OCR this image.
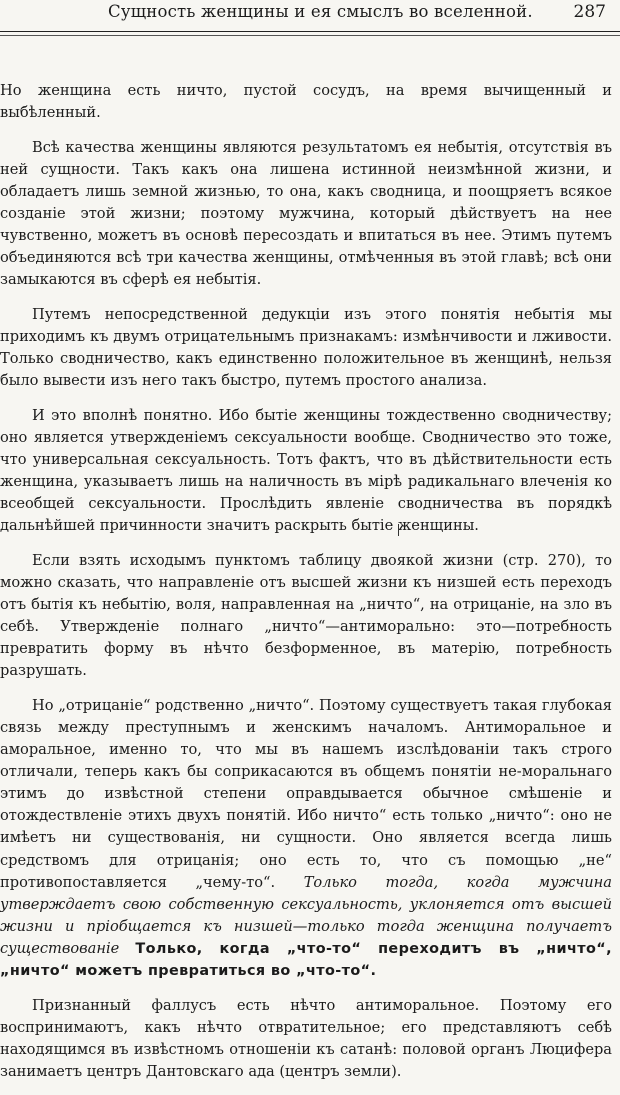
Сущность женщины и ея смыслъ во вселенной. 287

Но женщина есть ничто, пустой сосудъ, на время вычищенный и выбѣленный.

Всѣ качества женщины являются результатомъ ея небытія, отсутствія въ ней сущности. Такъ какъ она лишена истинной неизмѣнной жизни, и обладаетъ лишь земной жизнью, то она, какъ сводница, и поощряетъ всякое созданіе этой жизни; поэтому мужчина, который дѣйствуетъ на нее чувственно, можетъ въ основѣ пересоздать и впитаться въ нее. Этимъ путемъ объединяются всѣ три качества женщины, отмѣченныя въ этой главѣ; всѣ они замыкаются въ сферѣ ея небытія.

Путемъ непосредственной дедукціи изъ этого понятія небытія мы приходимъ къ двумъ отрицательнымъ признакамъ: измѣнчивости и лживости. Только сводничество, какъ единственно положительное въ женщинѣ, нельзя было вывести изъ него такъ быстро, путемъ простого анализа.

И это вполнѣ понятно. Ибо бытіе женщины тождественно сводничеству; оно является утвержденіемъ сексуальности вообще. Сводничество это тоже, что универсальная сексуальность. Тотъ фактъ, что въ дѣйствительности есть женщина, указываетъ лишь на наличность въ мірѣ радикальнаго влеченія ко всеобщей сексуальности. Прослѣдить явленіе сводничества въ порядкѣ дальнѣйшей причинности значитъ раскрыть бытіе женщины.

Если взять исходымъ пунктомъ таблицу двоякой жизни (стр. 270), то можно сказать, что направленіе отъ высшей жизни къ низшей есть переходъ отъ бытія къ небытію, воля, направленная на „ничто“, на отрицаніе, на зло въ себѣ. Утвержденіе полнаго „ничто“—антиморально: это—потребность превратить форму въ нѣчто безформенное, въ матерію, потребность разрушать.

Но „отрицаніе“ родственно „ничто“. Поэтому существуетъ такая глубокая связь между преступнымъ и женскимъ началомъ. Антиморальное и аморальное, именно то, что мы въ нашемъ изслѣдованіи такъ строго отличали, теперь какъ бы соприкасаются въ общемъ понятіи не-моральнаго этимъ до извѣстной степени оправдывается обычное смѣшеніе и отождествленіе этихъ двухъ понятій. Ибо ничто“ есть только „ничто“: оно не имѣетъ ни существованія, ни сущности. Оно является всегда лишь средствомъ для отрицанія; оно есть то, что съ помощью „не“ противопоставляется „чему-то“. Только тогда, когда мужчина утверждаетъ свою собственную сексуальность, уклоняется отъ высшей жизни и пріобщается къ низшей—только тогда женщина получаетъ существованіе Только, когда „что-то“ переходитъ въ „ничто“, „ничто“ можетъ превратиться во „что-то“.

Признанный фаллусъ есть нѣчто антиморальное. Поэтому его воспринимаютъ, какъ нѣчто отвратительное; его представляютъ себѣ находящимся въ извѣстномъ отношеніи къ сатанѣ: половой органъ Люцифера занимаетъ центръ Дантовскаго ада (центръ земли).
